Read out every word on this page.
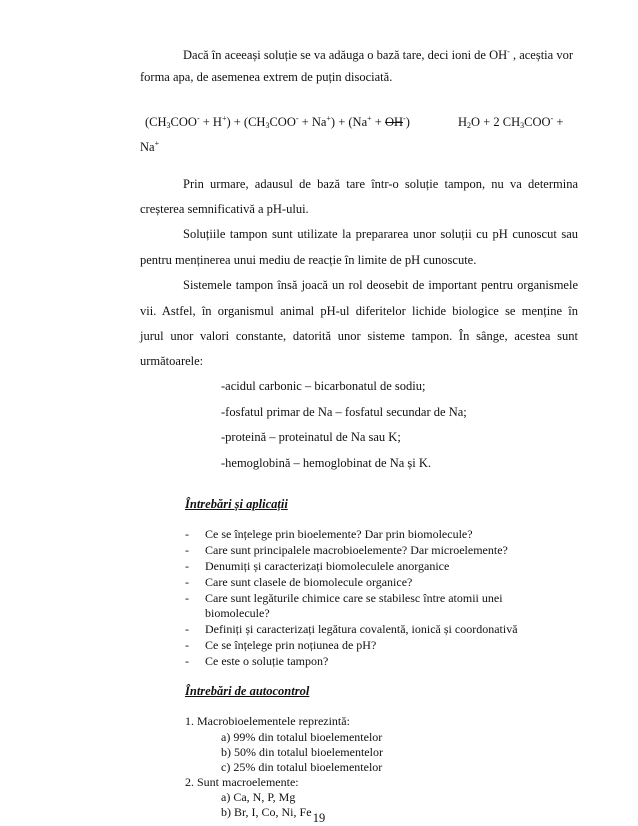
Dacă în aceeași soluție se va adăuga o bază tare, deci ioni de OH- , aceștia vor
forma apa, de asemenea extrem de puțin disociată.
$(CH_3COO^- + H^+) + (CH_3COO^- + Na^+) + (Na^+ + OH^-)$	$H_2O + 2$ $CH_3COO^-$ +
Na+
Prin urmare, adausul de bază tare într-o soluție tampon, nu va determina
creșterea semnificativă a pH-ului.
Soluțiile tampon sunt utilizate la prepararea unor soluții cu pH cunoscut sau
pentru menținerea unui mediu de reacție în limite de pH cunoscute.
Sistemele tampon însă joacă un rol deosebit de important pentru organismele
vii. Astfel, în organismul animal pH-ul diferitelor lichide biologice se menține în
jurul unor valori constante, datorită unor sisteme tampon. În sânge, acestea sunt
următoarele:
-acidul carbonic – bicarbonatul de sodiu;
-fosfatul primar de Na – fosfatul secundar de Na;
-proteină – proteinatul de Na sau K;
-hemoglobină – hemoglobinat de Na și K.
Întrebări și aplicații
- Ce se înțelege prin bioelemente? Dar prin biomolecule?
- Care sunt principalele macrobioelemente? Dar microelemente?
- Denumiți și caracterizați biomoleculele anorganice
- Care sunt clasele de biomolecule organice?
- Care sunt legăturile chimice care se stabilesc între atomii unei
biomolecule?
- Definiți și caracterizați legătura covalentă, ionică și coordonativă
- Ce se înțelege prin noțiunea de pH?
- Ce este o soluție tampon?
Întrebări de autocontrol
1. Macrobioelementele reprezintă:
a) 99% din totalul bioelementelor
b) 50% din totalul bioelementelor
c) 25% din totalul bioelementelor
2. Sunt macroelemente:
a) Ca, N, P, Mg
b) Br, I, Co, Ni, Fe 19
